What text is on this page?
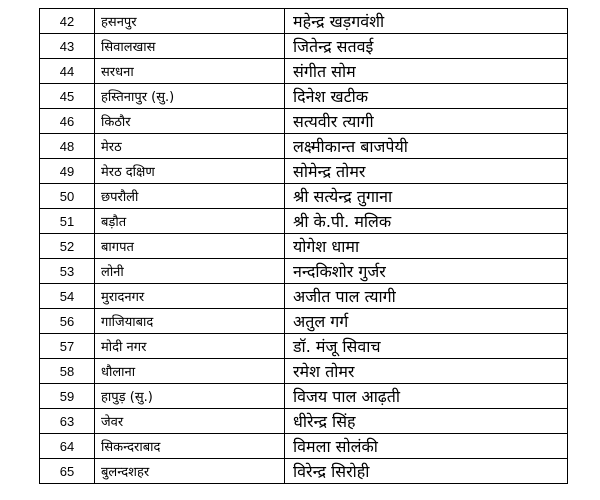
42	हसनपुर	महेन्द्र खड़गवंशी
43	सिवालखास	जितेन्द्र सतवई
44	सरधना	संगीत सोम
45	हस्तिनापुर (सु.)	दिनेश खटीक
46	किठौर	सत्यवीर त्यागी
48	मेरठ	लक्ष्मीकान्त बाजपेयी
49	मेरठ दक्षिण	सोमेन्द्र तोमर
50	छपरौली	श्री सत्येन्द्र तुगाना
51	बड़ौत	श्री के.पी. मलिक
52	बागपत	योगेश धामा
53	लोनी	नन्दकिशोर गुर्जर
54	मुरादनगर	अजीत पाल त्यागी
56	गाजियाबाद	अतुल गर्ग
57	मोदी नगर	डॉ. मंजू सिवाच
58	धौलाना	रमेश तोमर
59	हापुड़ (सु.)	विजय पाल आढ़ती
63	जेवर	धीरेन्द्र सिंह
64	सिकन्दराबाद	विमला सोलंकी
65	बुलन्दशहर	विरेन्द्र सिरोही
